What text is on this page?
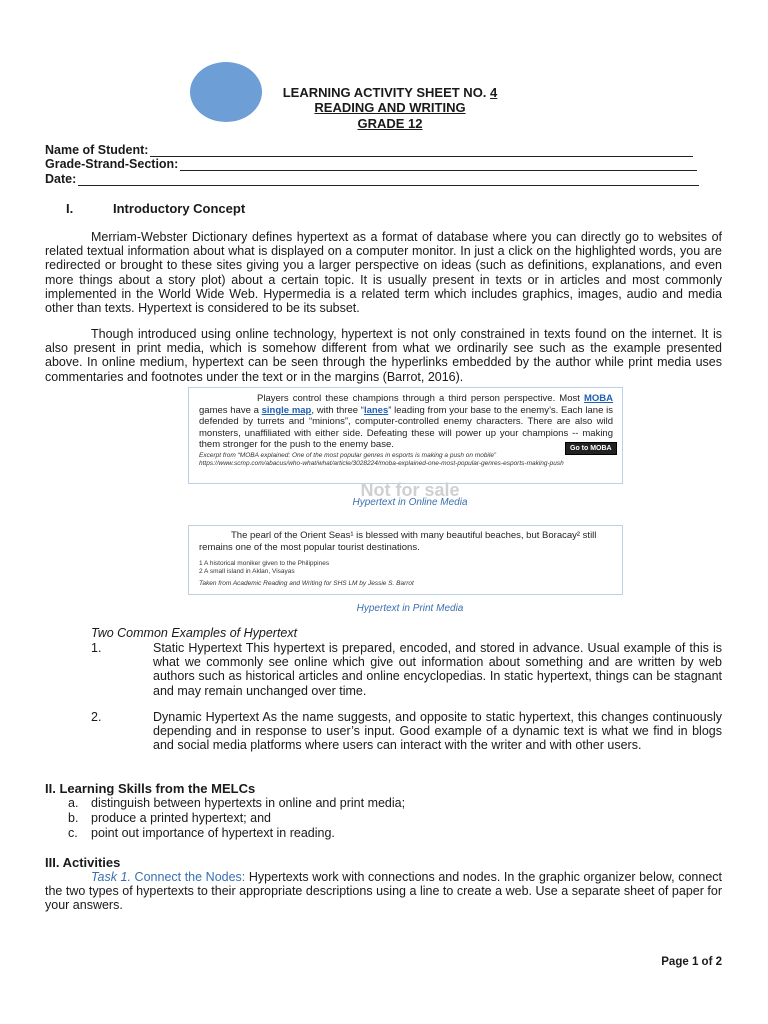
LEARNING ACTIVITY SHEET NO. 4
READING AND WRITING
GRADE 12
Name of Student:
Grade-Strand-Section:
Date:
I.	Introductory Concept
Merriam-Webster Dictionary defines hypertext as a format of database where you can directly go to websites of related textual information about what is displayed on a computer monitor. In just a click on the highlighted words, you are redirected or brought to these sites giving you a larger perspective on ideas (such as definitions, explanations, and even more things about a story plot) about a certain topic. It is usually present in texts or in articles and most commonly implemented in the World Wide Web. Hypermedia is a related term which includes graphics, images, audio and media other than texts. Hypertext is considered to be its subset.
Though introduced using online technology, hypertext is not only constrained in texts found on the internet. It is also present in print media, which is somehow different from what we ordinarily see such as the example presented above. In online medium, hypertext can be seen through the hyperlinks embedded by the author while print media uses commentaries and footnotes under the text or in the margins (Barrot, 2016).
Players control these champions through a third person perspective. Most MOBA games have a single map, with three “lanes” leading from your base to the enemy’s. Each lane is defended by turrets and “minions”, computer-controlled enemy characters. There are also wild monsters, unaffiliated with either side. Defeating these will power up your champions -- making them stronger for the push to the enemy base.	Go to MOBA
Excerpt from “MOBA explained: One of the most popular genres in esports is making a push on mobile”
https://www.scmp.com/abacus/who-what/what/article/3028224/moba-explained-one-most-popular-genres-esports-making-push
Not for sale
Hypertext in Online Media
The pearl of the Orient Seas¹ is blessed with many beautiful beaches, but Boracay² still remains one of the most popular tourist destinations.
1 A historical moniker given to the Philippines
2 A small island in Aklan, Visayas
Taken from Academic Reading and Writing for SHS LM by Jessie S. Barrot
Hypertext in Print Media
Two Common Examples of Hypertext
1.	Static Hypertext This hypertext is prepared, encoded, and stored in advance. Usual example of this is what we commonly see online which give out information about something and are written by web authors such as historical articles and online encyclopedias. In static hypertext, things can be stagnant and may remain unchanged over time.
2.	Dynamic Hypertext As the name suggests, and opposite to static hypertext, this changes continuously depending and in response to user’s input. Good example of a dynamic text is what we find in blogs and social media platforms where users can interact with the writer and with other users.
II. Learning Skills from the MELCs
a. distinguish between hypertexts in online and print media;
b. produce a printed hypertext; and
c. point out importance of hypertext in reading.
III. Activities
Task 1. Connect the Nodes: Hypertexts work with connections and nodes. In the graphic organizer below, connect the two types of hypertexts to their appropriate descriptions using a line to create a web. Use a separate sheet of paper for your answers.
Page 1 of 2
